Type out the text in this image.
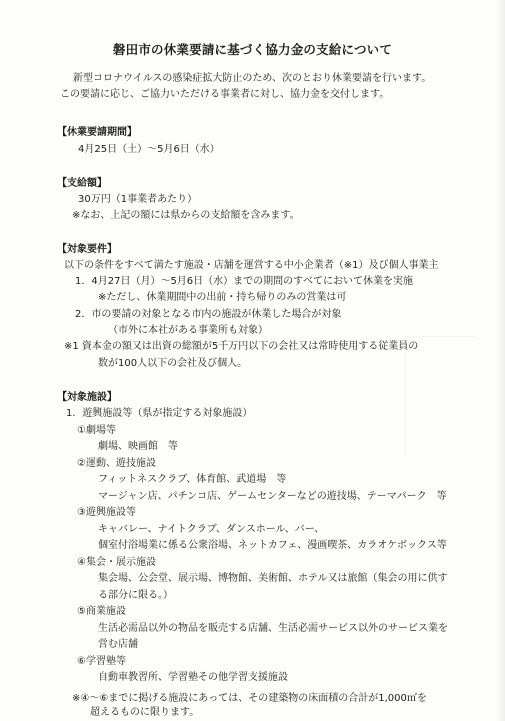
磐田市の休業要請に基づく協力金の支給について
新型コロナウイルスの感染症拡大防止のため、次のとおり休業要請を行います。
この要請に応じ、ご協力いただける事業者に対し、協力金を交付します。
【休業要請期間】
4月25日（土）～5月6日（水）
【支給額】
30万円（1事業者あたり）
※なお、上記の額には県からの支給額を含みます。
【対象要件】
以下の条件をすべて満たす施設・店舗を運営する中小企業者（※1）及び個人事業主
1．4月27日（月）～5月6日（水）までの期間のすべてにおいて休業を実施
※ただし、休業期間中の出前・持ち帰りのみの営業は可
2．市の要請の対象となる市内の施設が休業した場合が対象
（市外に本社がある事業所も対象）
※1 資本金の額又は出資の総額が5千万円以下の会社又は常時使用する従業員の
数が100人以下の会社及び個人。
【対象施設】
1．遊興施設等（県が指定する対象施設）
①劇場等
劇場、映画館　等
②運動、遊技施設
フィットネスクラブ、体育館、武道場　等
マージャン店、パチンコ店、ゲームセンターなどの遊技場、テーマパーク　等
③遊興施設等
キャバレー、ナイトクラブ、ダンスホール、バー、
個室付浴場業に係る公衆浴場、ネットカフェ、漫画喫茶、カラオケボックス等
④集会・展示施設
集会場、公会堂、展示場、博物館、美術館、ホテル又は旅館（集会の用に供す
る部分に限る。）
⑤商業施設
生活必需品以外の物品を販売する店舗、生活必需サービス以外のサービス業を
営む店舗
⑥学習塾等
自動車教習所、学習塾その他学習支援施設
※④～⑥までに掲げる施設にあっては、その建築物の床面積の合計が1,000㎡を
超えるものに限ります。
